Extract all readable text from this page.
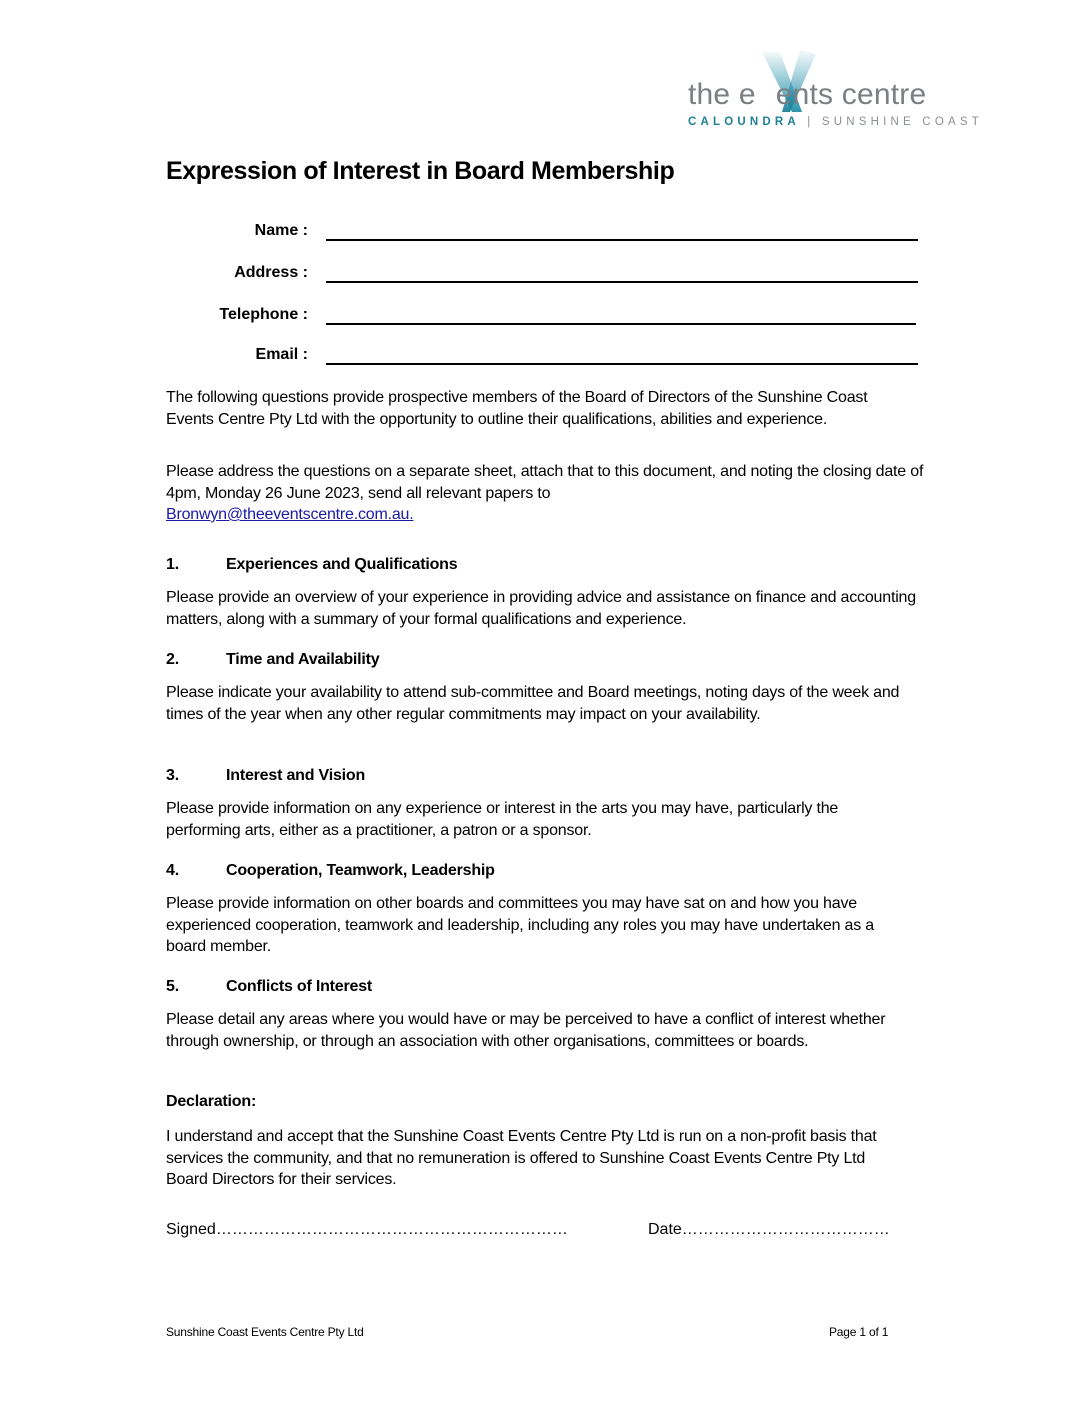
the e ents centre
CALOUNDRA | SUNSHINE COAST
Expression of Interest in Board Membership
Name :
Address :
Telephone :
Email :
The following questions provide prospective members of the Board of Directors of the Sunshine Coast Events Centre Pty Ltd with the opportunity to outline their qualifications, abilities and experience.
Please address the questions on a separate sheet, attach that to this document, and noting the closing date of 4pm, Monday 26 June 2023, send all relevant papers to
Bronwyn@theeventscentre.com.au.
1.	Experiences and Qualifications
Please provide an overview of your experience in providing advice and assistance on finance and accounting matters, along with a summary of your formal qualifications and experience.
2.	Time and Availability
Please indicate your availability to attend sub-committee and Board meetings, noting days of the week and times of the year when any other regular commitments may impact on your availability.
3.	Interest and Vision
Please provide information on any experience or interest in the arts you may have, particularly the performing arts, either as a practitioner, a patron or a sponsor.
4.	Cooperation, Teamwork, Leadership
Please provide information on other boards and committees you may have sat on and how you have experienced cooperation, teamwork and leadership, including any roles you may have undertaken as a board member.
5.	Conflicts of Interest
Please detail any areas where you would have or may be perceived to have a conflict of interest whether through ownership, or through an association with other organisations, committees or boards.
Declaration:
I understand and accept that the Sunshine Coast Events Centre Pty Ltd is run on a non-profit basis that services the community, and that no remuneration is offered to Sunshine Coast Events Centre Pty Ltd Board Directors for their services.
Signed…………………………………………………………	Date…………………………………
Sunshine Coast Events Centre Pty Ltd	Page 1 of 1
